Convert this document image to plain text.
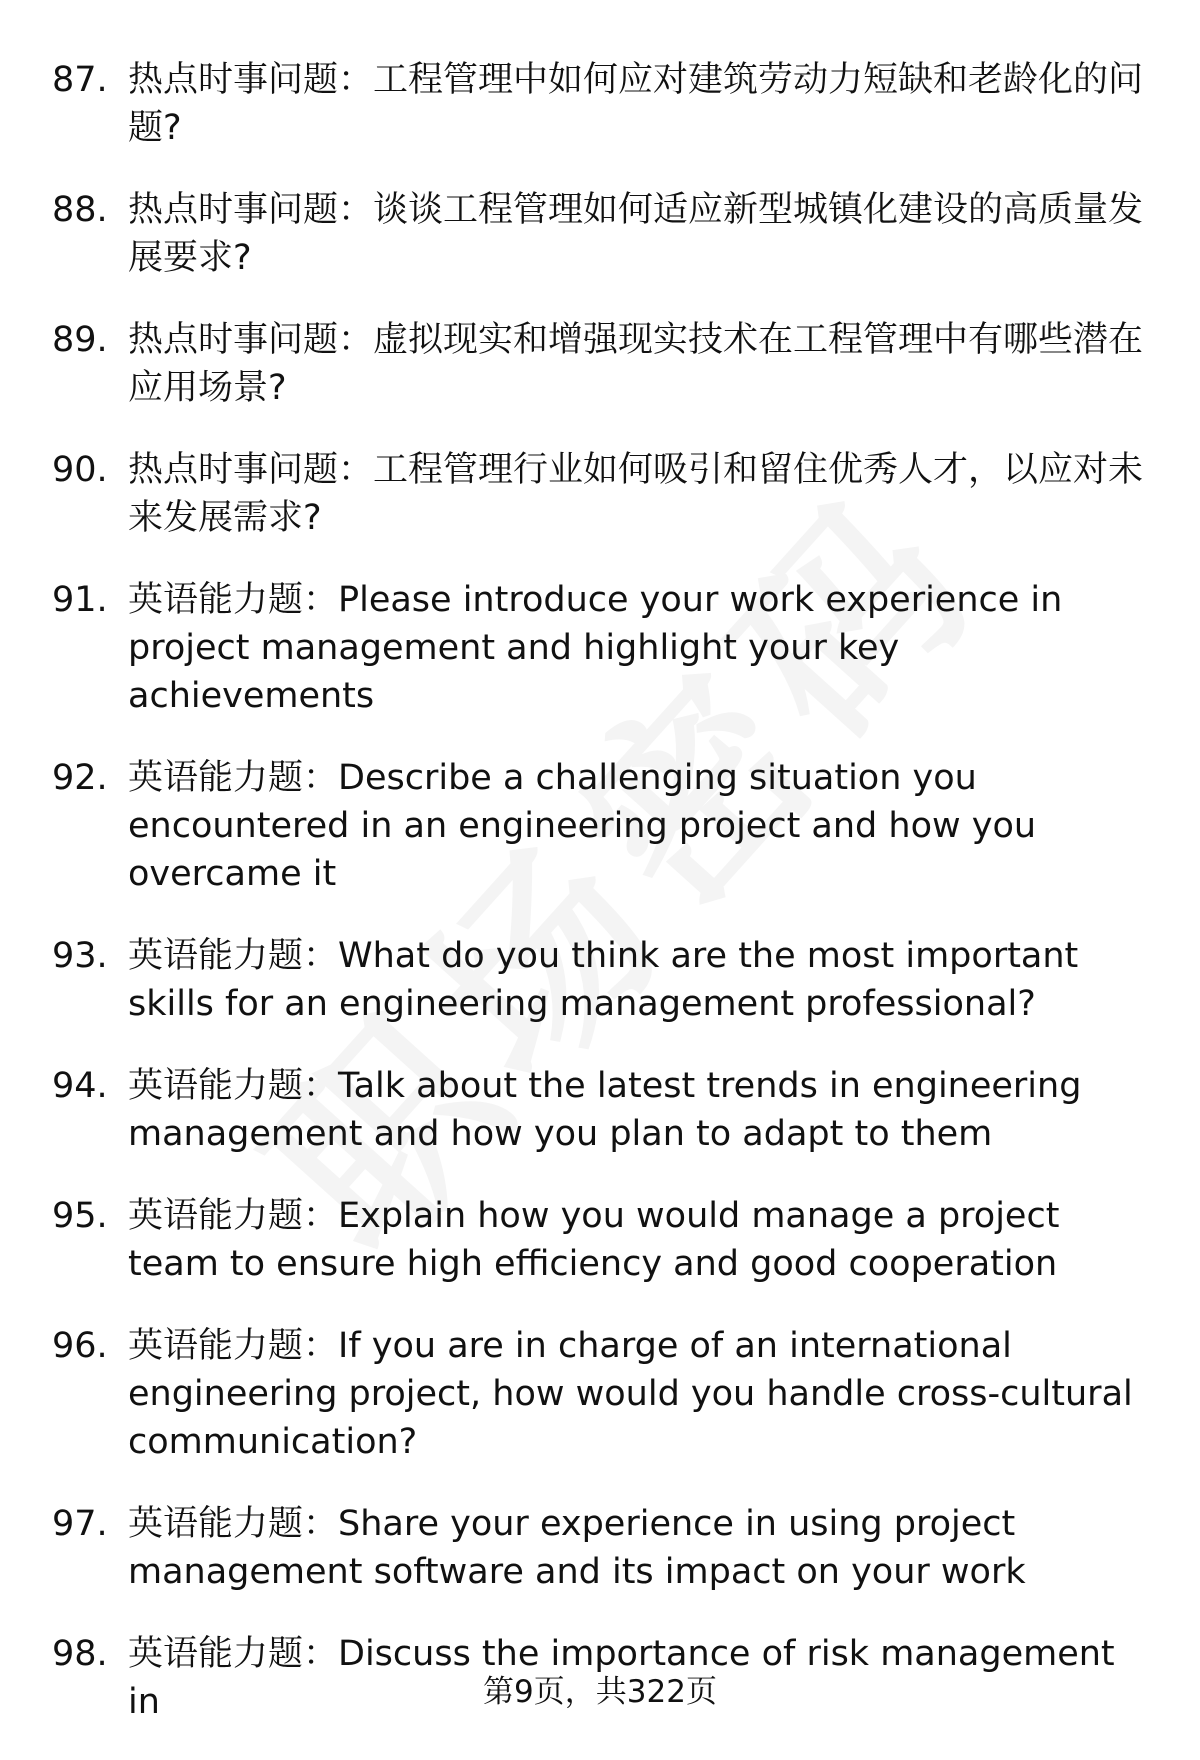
87. 热点时事问题：工程管理中如何应对建筑劳动力短缺和老龄化的问题?
88. 热点时事问题：谈谈工程管理如何适应新型城镇化建设的高质量发展要求?
89. 热点时事问题：虚拟现实和增强现实技术在工程管理中有哪些潜在应用场景?
90. 热点时事问题：工程管理行业如何吸引和留住优秀人才，以应对未来发展需求?
91. 英语能力题：Please introduce your work experience in project management and highlight your key achievements
92. 英语能力题：Describe a challenging situation you encountered in an engineering project and how you overcame it
93. 英语能力题：What do you think are the most important skills for an engineering management professional?
94. 英语能力题：Talk about the latest trends in engineering management and how you plan to adapt to them
95. 英语能力题：Explain how you would manage a project team to ensure high efficiency and good cooperation
96. 英语能力题：If you are in charge of an international engineering project, how would you handle cross-cultural communication?
97. 英语能力题：Share your experience in using project management software and its impact on your work
98. 英语能力题：Discuss the importance of risk management in	第9页，共322页
